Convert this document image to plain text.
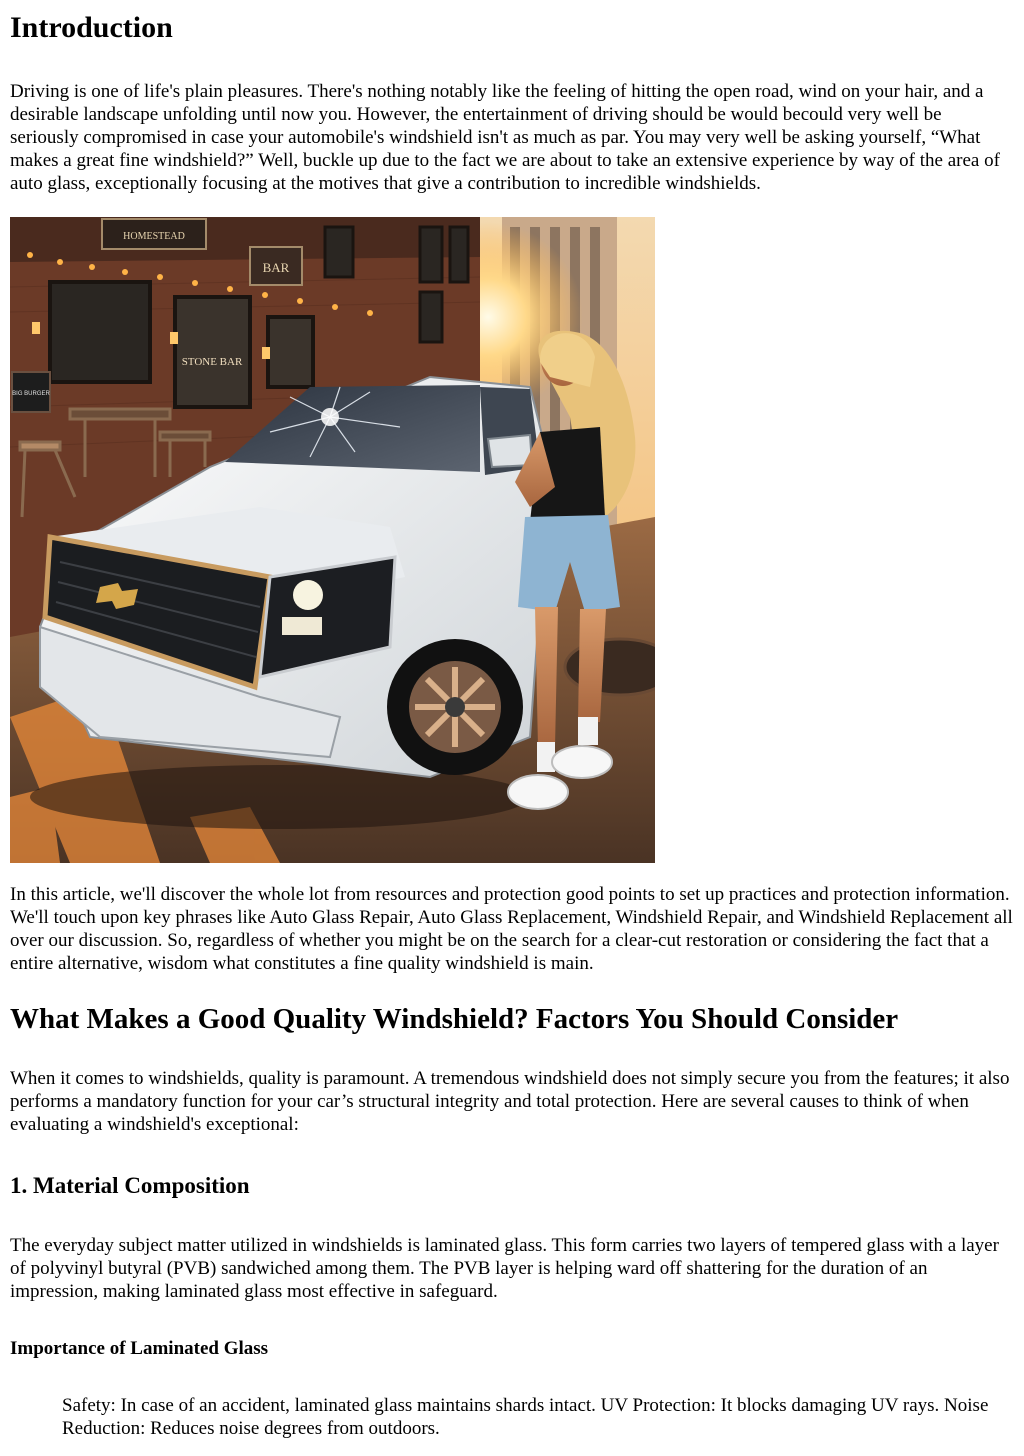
Introduction

Driving is one of life's plain pleasures. There's nothing notably like the feeling of hitting the open road, wind on your hair, and a desirable landscape unfolding until now you. However, the entertainment of driving should be would becould very well be seriously compromised in case your automobile's windshield isn't as much as par. You may very well be asking yourself, “What makes a great fine windshield?” Well, buckle up due to the fact we are about to take an extensive experience by way of the area of auto glass, exceptionally focusing at the motives that give a contribution to incredible windshields.

HOMESTEAD
BAR
STONE BAR
BIG BURGER

In this article, we'll discover the whole lot from resources and protection good points to set up practices and protection information. We'll touch upon key phrases like Auto Glass Repair, Auto Glass Replacement, Windshield Repair, and Windshield Replacement all over our discussion. So, regardless of whether you might be on the search for a clear-cut restoration or considering the fact that a entire alternative, wisdom what constitutes a fine quality windshield is main.

What Makes a Good Quality Windshield? Factors You Should Consider

When it comes to windshields, quality is paramount. A tremendous windshield does not simply secure you from the features; it also performs a mandatory function for your car’s structural integrity and total protection. Here are several causes to think of when evaluating a windshield's exceptional:

1. Material Composition

The everyday subject matter utilized in windshields is laminated glass. This form carries two layers of tempered glass with a layer of polyvinyl butyral (PVB) sandwiched among them. The PVB layer is helping ward off shattering for the duration of an impression, making laminated glass most effective in safeguard.

Importance of Laminated Glass
Safety: In case of an accident, laminated glass maintains shards intact. UV Protection: It blocks damaging UV rays. Noise Reduction: Reduces noise degrees from outdoors.
